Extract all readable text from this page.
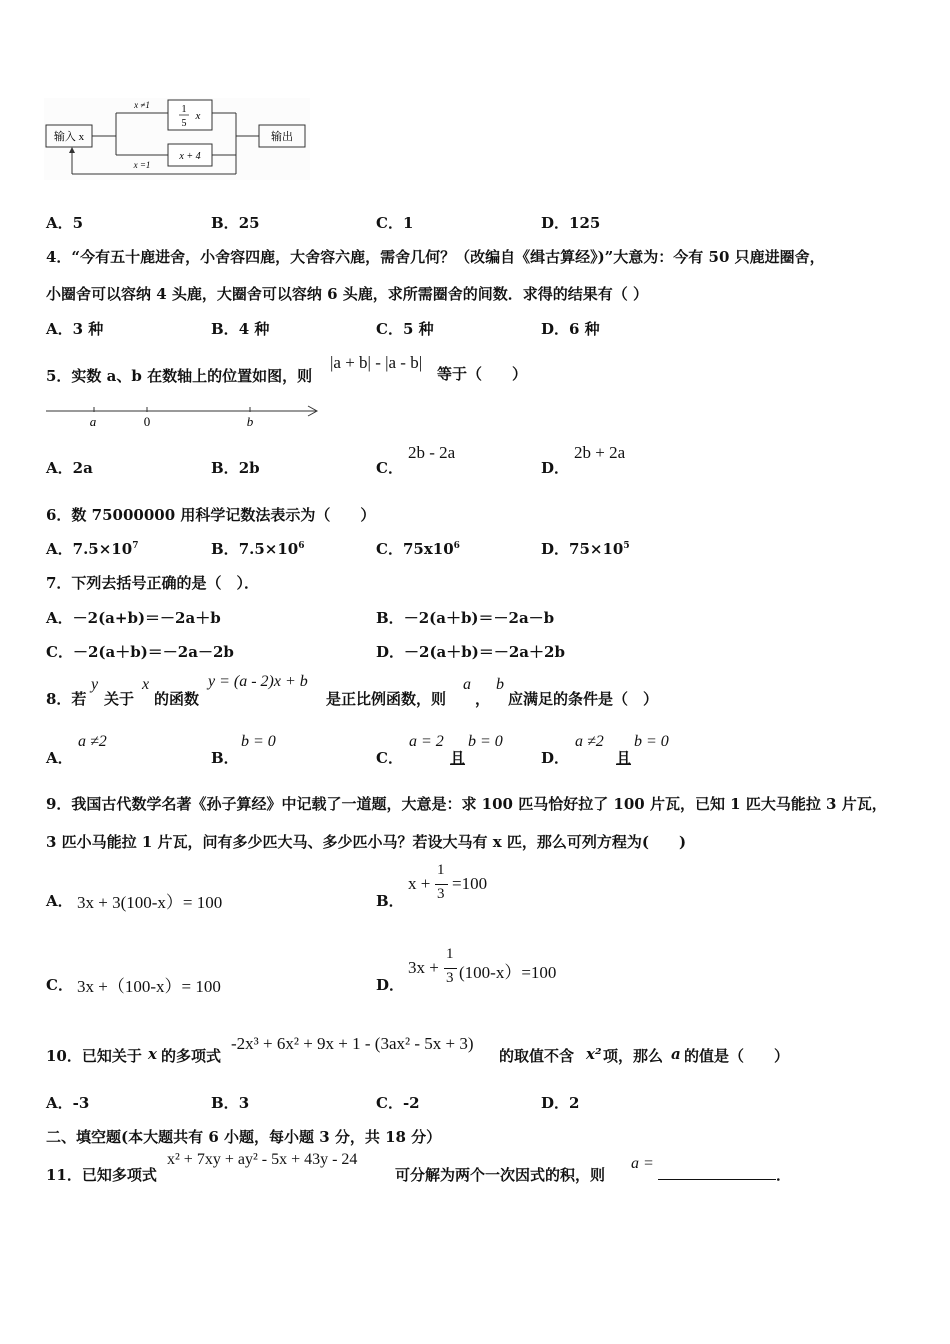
输入 x	输出
1
5
x
x + 4
x ≠1
x =1
A．5	B．25	C．1	D．125
4．“今有五十鹿进舍，小舍容四鹿，大舍容六鹿，需舍几何？（改编自《缉古算经》)”大意为：今有 50 只鹿进圈舍，
小圈舍可以容纳 4 头鹿，大圈舍可以容纳 6 头鹿，求所需圈舍的间数．求得的结果有（ ）
A．3 种	B．4 种	C．5 种	D．6 种
5．实数 a、b 在数轴上的位置如图，则
|a + b| - |a - b|
等于（　　）
a	0	b
A．2a	B．2b	C．
2b - 2a
D．
2b + 2a
6．数 75000000 用科学记数法表示为（　　）
A．$7.5\times 10^7$	B．$7.5\times 10^6$	C．$75x10^6$	D．$75\times 10^5$
7．下列去括号正确的是（　）．
A．－2(a+b)＝－2a＋b	B．－2(a＋b)＝－2a－b
C．－2(a＋b)＝－2a－2b	D．－2(a＋b)＝－2a＋2b
8．若
y
关于
x
的函数
y = (a - 2)x + b
是正比例函数，则
a
，
b
应满足的条件是（　）
A．
a ≠2
B．
b = 0
C．
a = 2
且
b = 0
D．
a ≠2
且
b = 0
9．我国古代数学名著《孙子算经》中记载了一道题，大意是：求 100 匹马恰好拉了 100 片瓦，已知 1 匹大马能拉 3 片瓦，
3 匹小马能拉 1 片瓦，问有多少匹大马、多少匹小马？若设大马有 x 匹，那么可列方程为(　　)
A． 3x + 3(100-x）= 100	B．
x +
1
3
=100
C． 3x +（100-x）= 100	D．
3x +
1
3 (100-x）=100
10．已知关于 x 的多项式
-2x³ + 6x² + 9x + 1 - (3ax² - 5x + 3)
的取值不含 x² 项，那么 a 的值是（　　）
A．-3	B．3	C．-2	D．2
二、填空题(本大题共有 6 小题，每小题 3 分，共 18 分）
11．已知多项式
x² + 7xy + ay² - 5x + 43y - 24
可分解为两个一次因式的积，则
a =
．
